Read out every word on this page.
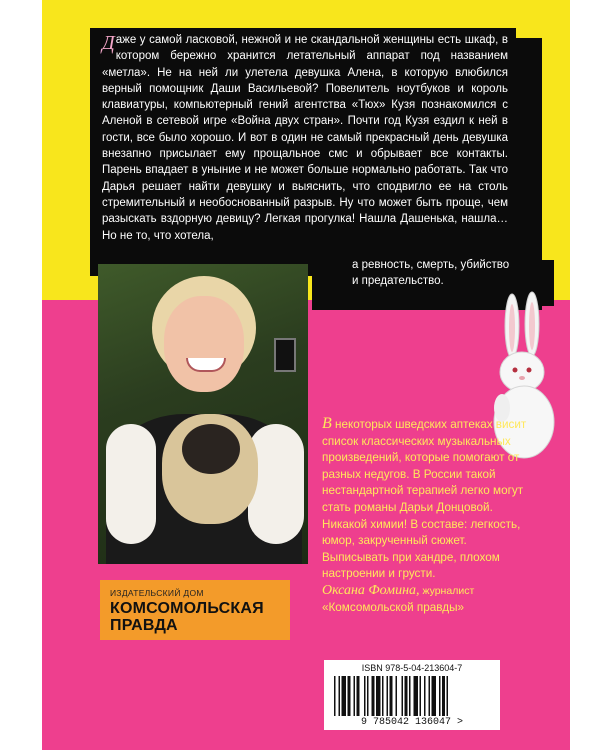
Даже у самой ласковой, нежной и не скандальной женщины есть шкаф, в котором бережно хранится летательный аппарат под названием «метла». Не на ней ли улетела девушка Алена, в которую влюбился верный помощник Даши Васильевой? Повелитель ноутбуков и король клавиатуры, компьютерный гений агентства «Тюх» Кузя познакомился с Аленой в сетевой игре «Война двух стран». Почти год Кузя ездил к ней в гости, все было хорошо. И вот в один не самый прекрасный день девушка внезапно присылает ему прощальное смс и обрывает все контакты. Парень впадает в уныние и не может больше нормально работать. Так что Дарья решает найти девушку и выяснить, что сподвигло ее на столь стремительный и необоснованный разрыв. Ну что может быть проще, чем разыскать вздорную девицу? Легкая прогулка! Нашла Дашенька, нашла… Но не то, что хотела,
а ревность, смерть, убийство
и предательство.
В некоторых шведских аптеках висит список классических музыкальных произведений, которые помогают от разных недугов. В России такой нестандартной терапией легко могут стать романы Дарьи Донцовой. Никакой химии! В составе: легкость, юмор, закрученный сюжет. Выписывать при хандре, плохом настроении и грусти.
Оксана Фомина, журналист
«Комсомольской правды»
ИЗДАТЕЛЬСКИЙ ДОМ
КОМСОМОЛЬСКАЯ
ПРАВДА
ISBN 978-5-04-213604-7
9 785042 136047 >
